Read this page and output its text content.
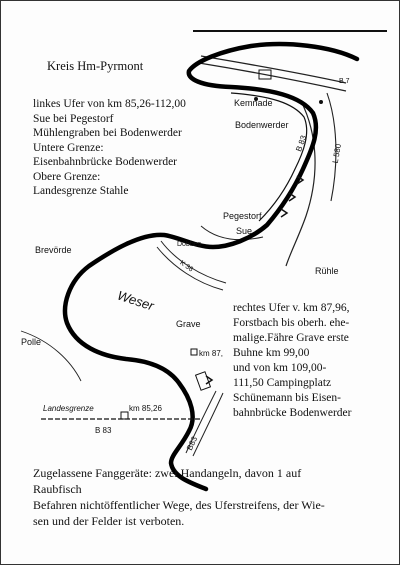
Kreis Hm-Pyrmont
linkes Ufer von km 85,26-112,00
Sue bei Pegestorf
Mühlengraben bei Bodenwerder
Untere Grenze:
Eisenbahnbrücke Bodenwerder
Obere Grenze:
Landesgrenze Stahle
rechtes Ufer v. km 87,96,
Forstbach bis oberh. ehe-
malige.Fähre Grave erste
Buhne km 99,00
und von km 109,00-
111,50 Campingplatz
Schünemann bis Eisen-
bahnbrücke Bodenwerder
Kemnade
Bodenwerder
Pegestorf
Sue
Rühle
Brevörde
Weser
Grave
Polle
km 87,
Landesgrenze	km 85,26
B 83	L 580
B83
B 83
K 36
Döbbes
B 7
Zugelassene Fanggeräte: zwei Handangeln, davon 1 auf
Raubfisch
Befahren nichtöffentlicher Wege, des Uferstreifens, der Wie-
sen und der Felder ist verboten.
